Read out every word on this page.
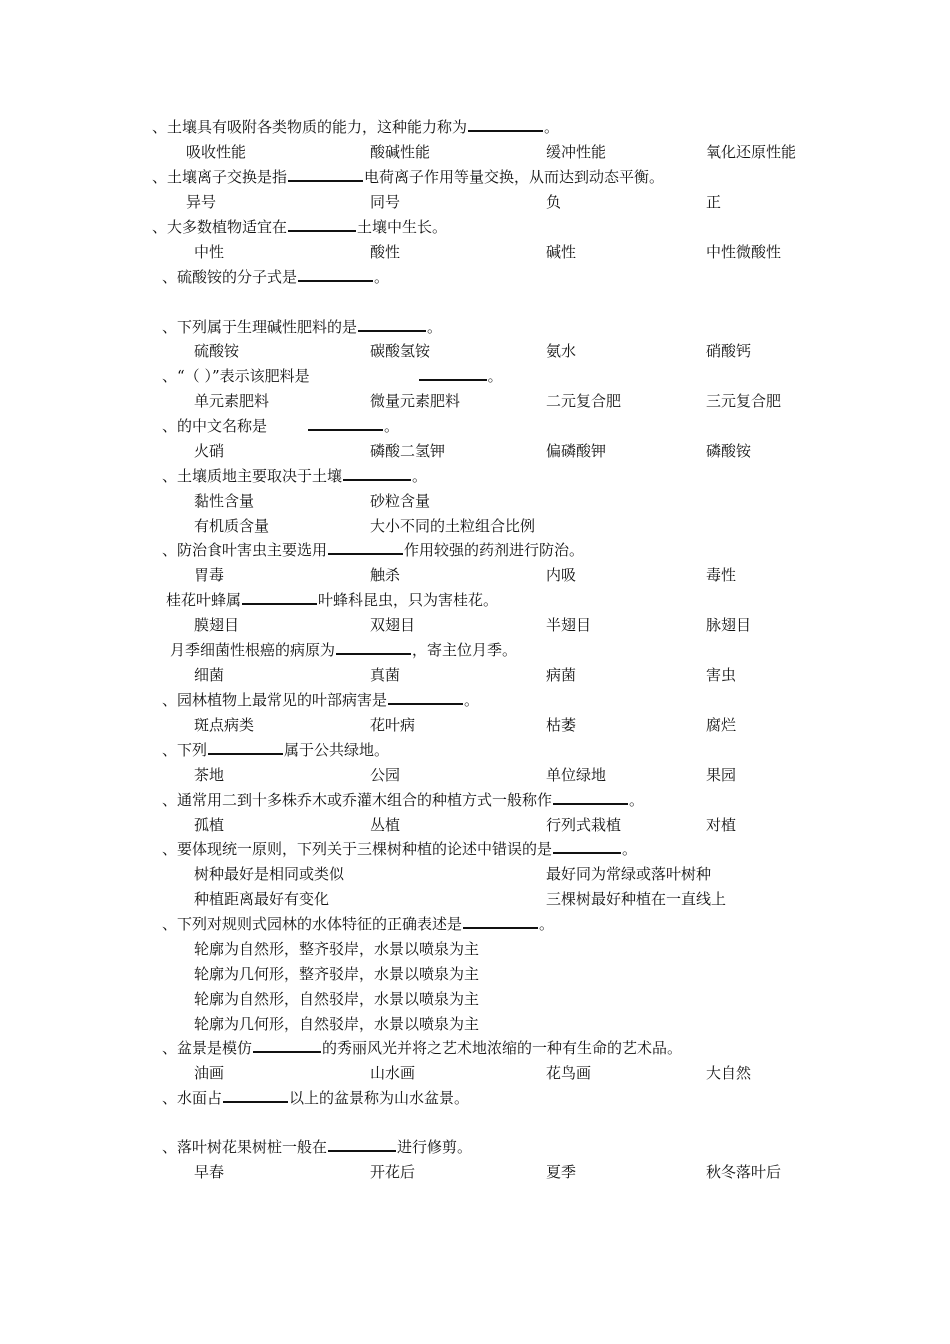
、土壤具有吸附各类物质的能力，这种能力称为	。
吸收性能	酸碱性能	缓冲性能	氧化还原性能
、土壤离子交换是指	电荷离子作用等量交换，从而达到动态平衡。
异号	同号	负	正
、大多数植物适宜在	土壤中生长。
中性	酸性	碱性	中性微酸性
、硫酸铵的分子式是	。
、下列属于生理碱性肥料的是	。
硫酸铵	碳酸氢铵	氨水	硝酸钙
、“ （ ）”表示该肥料是	。
单元素肥料	微量元素肥料	二元复合肥	三元复合肥
、 的中文名称是	。
火硝	磷酸二氢钾	偏磷酸钾	磷酸铵
、土壤质地主要取决于土壤	。
黏性含量	砂粒含量
有机质含量	大小不同的土粒组合比例
、防治食叶害虫主要选用	作用较强的药剂进行防治。
胃毒	触杀	内吸	毒性
桂花叶蜂属	叶蜂科昆虫，只为害桂花。
膜翅目	双翅目	半翅目	脉翅目
月季细菌性根癌的病原为	，寄主位月季。
细菌	真菌	病菌	害虫
、园林植物上最常见的叶部病害是	。
斑点病类	花叶病	枯萎	腐烂
、下列	属于公共绿地。
茶地	公园	单位绿地	果园
、通常用二到十多株乔木或乔灌木组合的种植方式一般称作	。
孤植	丛植	行列式栽植	对植
、要体现统一原则，下列关于三棵树种植的论述中错误的是	。
树种最好是相同或类似	最好同为常绿或落叶树种
种植距离最好有变化	三棵树最好种植在一直线上
、下列对规则式园林的水体特征的正确表述是	。
轮廓为自然形，整齐驳岸，水景以喷泉为主
轮廓为几何形，整齐驳岸，水景以喷泉为主
轮廓为自然形，自然驳岸，水景以喷泉为主
轮廓为几何形，自然驳岸，水景以喷泉为主
、盆景是模仿	的秀丽风光并将之艺术地浓缩的一种有生命的艺术品。
油画	山水画	花鸟画	大自然
、水面占	以上的盆景称为山水盆景。
、落叶树花果树桩一般在	进行修剪。
早春	开花后	夏季	秋冬落叶后
